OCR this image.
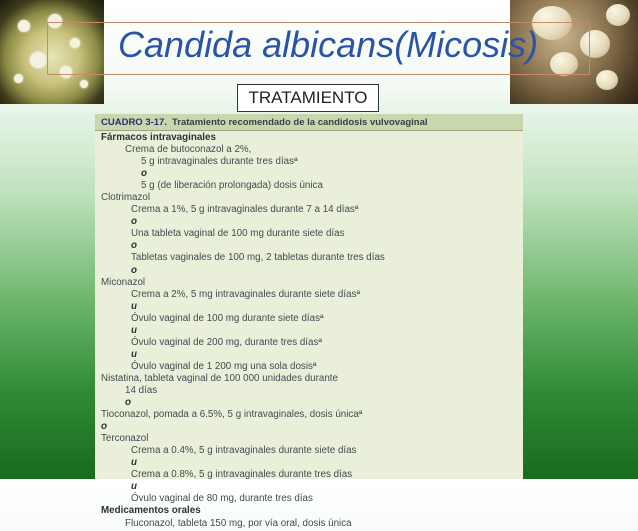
Candida albicans(Micosis)
TRATAMIENTO
CUADRO 3-17. Tratamiento recomendado de la candidosis vulvovaginal
Fármacos intravaginales
Crema de butoconazol a 2%,
5 g intravaginales durante tres díasª
o
5 g (de liberación prolongada) dosis única
Clotrimazol
Crema a 1%, 5 g intravaginales durante 7 a 14 díasª
o
Una tableta vaginal de 100 mg durante siete días
o
Tabletas vaginales de 100 mg, 2 tabletas durante tres días
o
Miconazol
Crema a 2%, 5 mg intravaginales durante siete díasª
u
Óvulo vaginal de 100 mg durante siete díasª
u
Óvulo vaginal de 200 mg, durante tres díasª
u
Óvulo vaginal de 1 200 mg una sola dosisª
Nistatina, tableta vaginal de 100 000 unidades durante
14 días
o
Tioconazol, pomada a 6.5%, 5 g intravaginales, dosis únicaª
o
Terconazol
Crema a 0.4%, 5 g intravaginales durante siete días
u
Crema a 0.8%, 5 g intravaginales durante tres días
u
Óvulo vaginal de 80 mg, durante tres días
Medicamentos orales
Fluconazol, tableta 150 mg, por vía oral, dosis única
